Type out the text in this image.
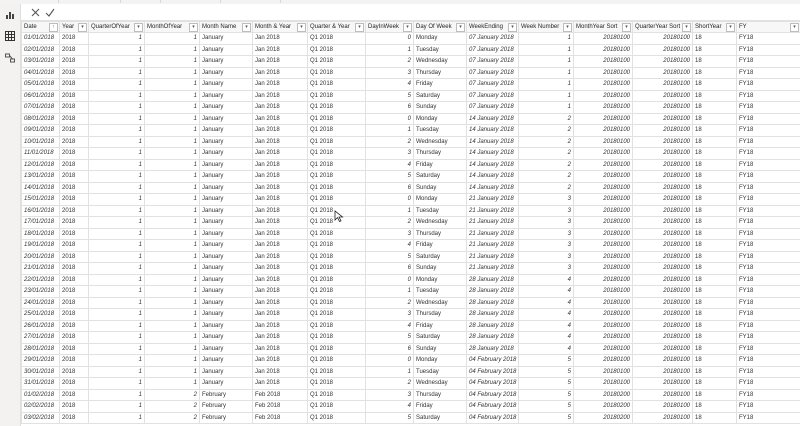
Date ↑	Year ▾	QuarterOfYear ▾	MonthOfYear ▾	Month Name ▾	Month & Year ▾	Quarter & Year ▾	DayInWeek ▾	Day Of Week ▾	WeekEnding ▾	Week Number ▾	MonthYear Sort ▾	QuarterYear Sort ▾	ShortYear ▾	FY ▾

01/01/2018	2018	1	1	January	Jan 2018	Q1 2018	0	Monday	07 January 2018	1	20180100	20180100	18	FY18
02/01/2018	2018	1	1	January	Jan 2018	Q1 2018	1	Tuesday	07 January 2018	1	20180100	20180100	18	FY18
03/01/2018	2018	1	1	January	Jan 2018	Q1 2018	2	Wednesday	07 January 2018	1	20180100	20180100	18	FY18
04/01/2018	2018	1	1	January	Jan 2018	Q1 2018	3	Thursday	07 January 2018	1	20180100	20180100	18	FY18
05/01/2018	2018	1	1	January	Jan 2018	Q1 2018	4	Friday	07 January 2018	1	20180100	20180100	18	FY18
06/01/2018	2018	1	1	January	Jan 2018	Q1 2018	5	Saturday	07 January 2018	1	20180100	20180100	18	FY18
07/01/2018	2018	1	1	January	Jan 2018	Q1 2018	6	Sunday	07 January 2018	1	20180100	20180100	18	FY18
08/01/2018	2018	1	1	January	Jan 2018	Q1 2018	0	Monday	14 January 2018	2	20180100	20180100	18	FY18
09/01/2018	2018	1	1	January	Jan 2018	Q1 2018	1	Tuesday	14 January 2018	2	20180100	20180100	18	FY18
10/01/2018	2018	1	1	January	Jan 2018	Q1 2018	2	Wednesday	14 January 2018	2	20180100	20180100	18	FY18
11/01/2018	2018	1	1	January	Jan 2018	Q1 2018	3	Thursday	14 January 2018	2	20180100	20180100	18	FY18
12/01/2018	2018	1	1	January	Jan 2018	Q1 2018	4	Friday	14 January 2018	2	20180100	20180100	18	FY18
13/01/2018	2018	1	1	January	Jan 2018	Q1 2018	5	Saturday	14 January 2018	2	20180100	20180100	18	FY18
14/01/2018	2018	1	1	January	Jan 2018	Q1 2018	6	Sunday	14 January 2018	2	20180100	20180100	18	FY18
15/01/2018	2018	1	1	January	Jan 2018	Q1 2018	0	Monday	21 January 2018	3	20180100	20180100	18	FY18
16/01/2018	2018	1	1	January	Jan 2018	Q1 2018	1	Tuesday	21 January 2018	3	20180100	20180100	18	FY18
17/01/2018	2018	1	1	January	Jan 2018	Q1 2018	2	Wednesday	21 January 2018	3	20180100	20180100	18	FY18
18/01/2018	2018	1	1	January	Jan 2018	Q1 2018	3	Thursday	21 January 2018	3	20180100	20180100	18	FY18
19/01/2018	2018	1	1	January	Jan 2018	Q1 2018	4	Friday	21 January 2018	3	20180100	20180100	18	FY18
20/01/2018	2018	1	1	January	Jan 2018	Q1 2018	5	Saturday	21 January 2018	3	20180100	20180100	18	FY18
21/01/2018	2018	1	1	January	Jan 2018	Q1 2018	6	Sunday	21 January 2018	3	20180100	20180100	18	FY18
22/01/2018	2018	1	1	January	Jan 2018	Q1 2018	0	Monday	28 January 2018	4	20180100	20180100	18	FY18
23/01/2018	2018	1	1	January	Jan 2018	Q1 2018	1	Tuesday	28 January 2018	4	20180100	20180100	18	FY18
24/01/2018	2018	1	1	January	Jan 2018	Q1 2018	2	Wednesday	28 January 2018	4	20180100	20180100	18	FY18
25/01/2018	2018	1	1	January	Jan 2018	Q1 2018	3	Thursday	28 January 2018	4	20180100	20180100	18	FY18
26/01/2018	2018	1	1	January	Jan 2018	Q1 2018	4	Friday	28 January 2018	4	20180100	20180100	18	FY18
27/01/2018	2018	1	1	January	Jan 2018	Q1 2018	5	Saturday	28 January 2018	4	20180100	20180100	18	FY18
28/01/2018	2018	1	1	January	Jan 2018	Q1 2018	6	Sunday	28 January 2018	4	20180100	20180100	18	FY18
29/01/2018	2018	1	1	January	Jan 2018	Q1 2018	0	Monday	04 February 2018	5	20180100	20180100	18	FY18
30/01/2018	2018	1	1	January	Jan 2018	Q1 2018	1	Tuesday	04 February 2018	5	20180100	20180100	18	FY18
31/01/2018	2018	1	1	January	Jan 2018	Q1 2018	2	Wednesday	04 February 2018	5	20180100	20180100	18	FY18
01/02/2018	2018	1	2	February	Feb 2018	Q1 2018	3	Thursday	04 February 2018	5	20180200	20180100	18	FY18
02/02/2018	2018	1	2	February	Feb 2018	Q1 2018	4	Friday	04 February 2018	5	20180200	20180100	18	FY18
03/02/2018	2018	1	2	February	Feb 2018	Q1 2018	5	Saturday	04 February 2018	5	20180200	20180100	18	FY18
